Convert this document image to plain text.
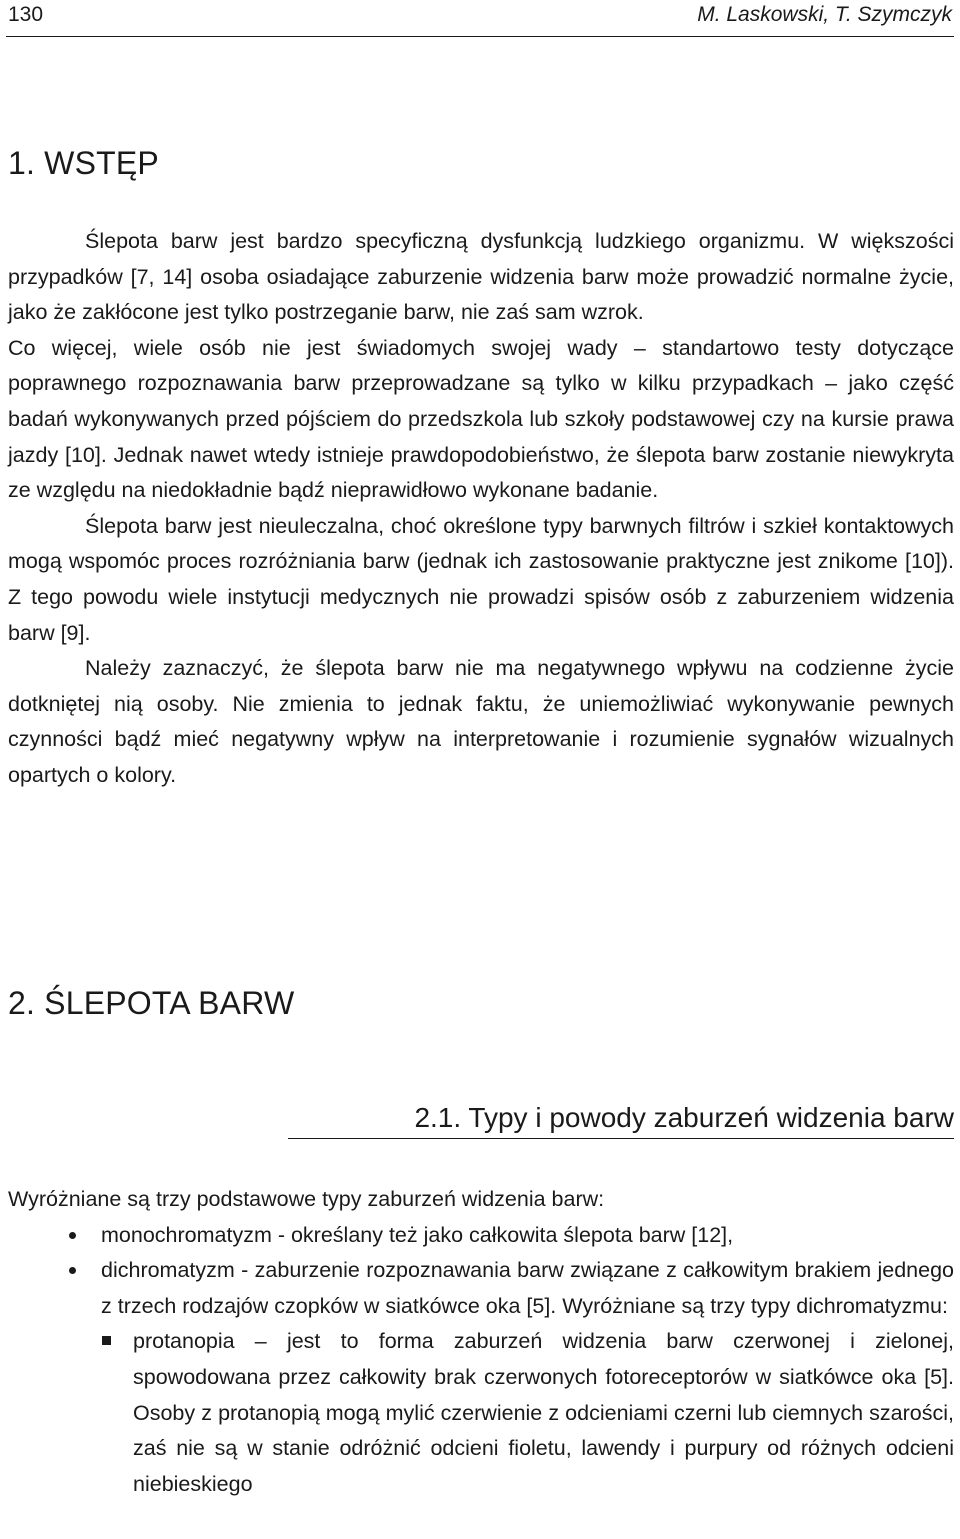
130	M. Laskowski, T. Szymczyk
1. WSTĘP

Ślepota barw jest bardzo specyficzną dysfunkcją ludzkiego organizmu. W większości przypadków [7, 14] osoba osiadające zaburzenie widzenia barw może prowadzić normalne życie, jako że zakłócone jest tylko postrzeganie barw, nie zaś sam wzrok.

Co więcej, wiele osób nie jest świadomych swojej wady – standartowo testy dotyczące poprawnego rozpoznawania barw przeprowadzane są tylko w kilku przypadkach – jako część badań wykonywanych przed pójściem do przedszkola lub szkoły podstawowej czy na kursie prawa jazdy [10]. Jednak nawet wtedy istnieje prawdopodobieństwo, że ślepota barw zostanie niewykryta ze względu na niedokładnie bądź nieprawidłowo wykonane badanie.

Ślepota barw jest nieuleczalna, choć określone typy barwnych filtrów i szkieł kontaktowych mogą wspomóc proces rozróżniania barw (jednak ich zastosowanie praktyczne jest znikome [10]). Z tego powodu wiele instytucji medycznych nie prowadzi spisów osób z zaburzeniem widzenia barw [9].

Należy zaznaczyć, że ślepota barw nie ma negatywnego wpływu na codzienne życie dotkniętej nią osoby. Nie zmienia to jednak faktu, że uniemożliwiać wykonywanie pewnych czynności bądź mieć negatywny wpływ na interpretowanie i rozumienie sygnałów wizualnych opartych o kolory.

2. ŚLEPOTA BARW
2.1. Typy i powody zaburzeń widzenia barw

Wyróżniane są trzy podstawowe typy zaburzeń widzenia barw:

monochromatyzm - określany też jako całkowita ślepota barw [12],
dichromatyzm - zaburzenie rozpoznawania barw związane z całkowitym brakiem jednego z trzech rodzajów czopków w siatkówce oka [5]. Wyróżniane są trzy typy dichromatyzmu:
protanopia – jest to forma zaburzeń widzenia barw czerwonej i zielonej, spowodowana przez całkowity brak czerwonych fotoreceptorów w siatkówce oka [5]. Osoby z protanopią mogą mylić czerwienie z odcieniami czerni lub ciemnych szarości, zaś nie są w stanie odróżnić odcieni fioletu, lawendy i purpury od różnych odcieni niebieskiego
